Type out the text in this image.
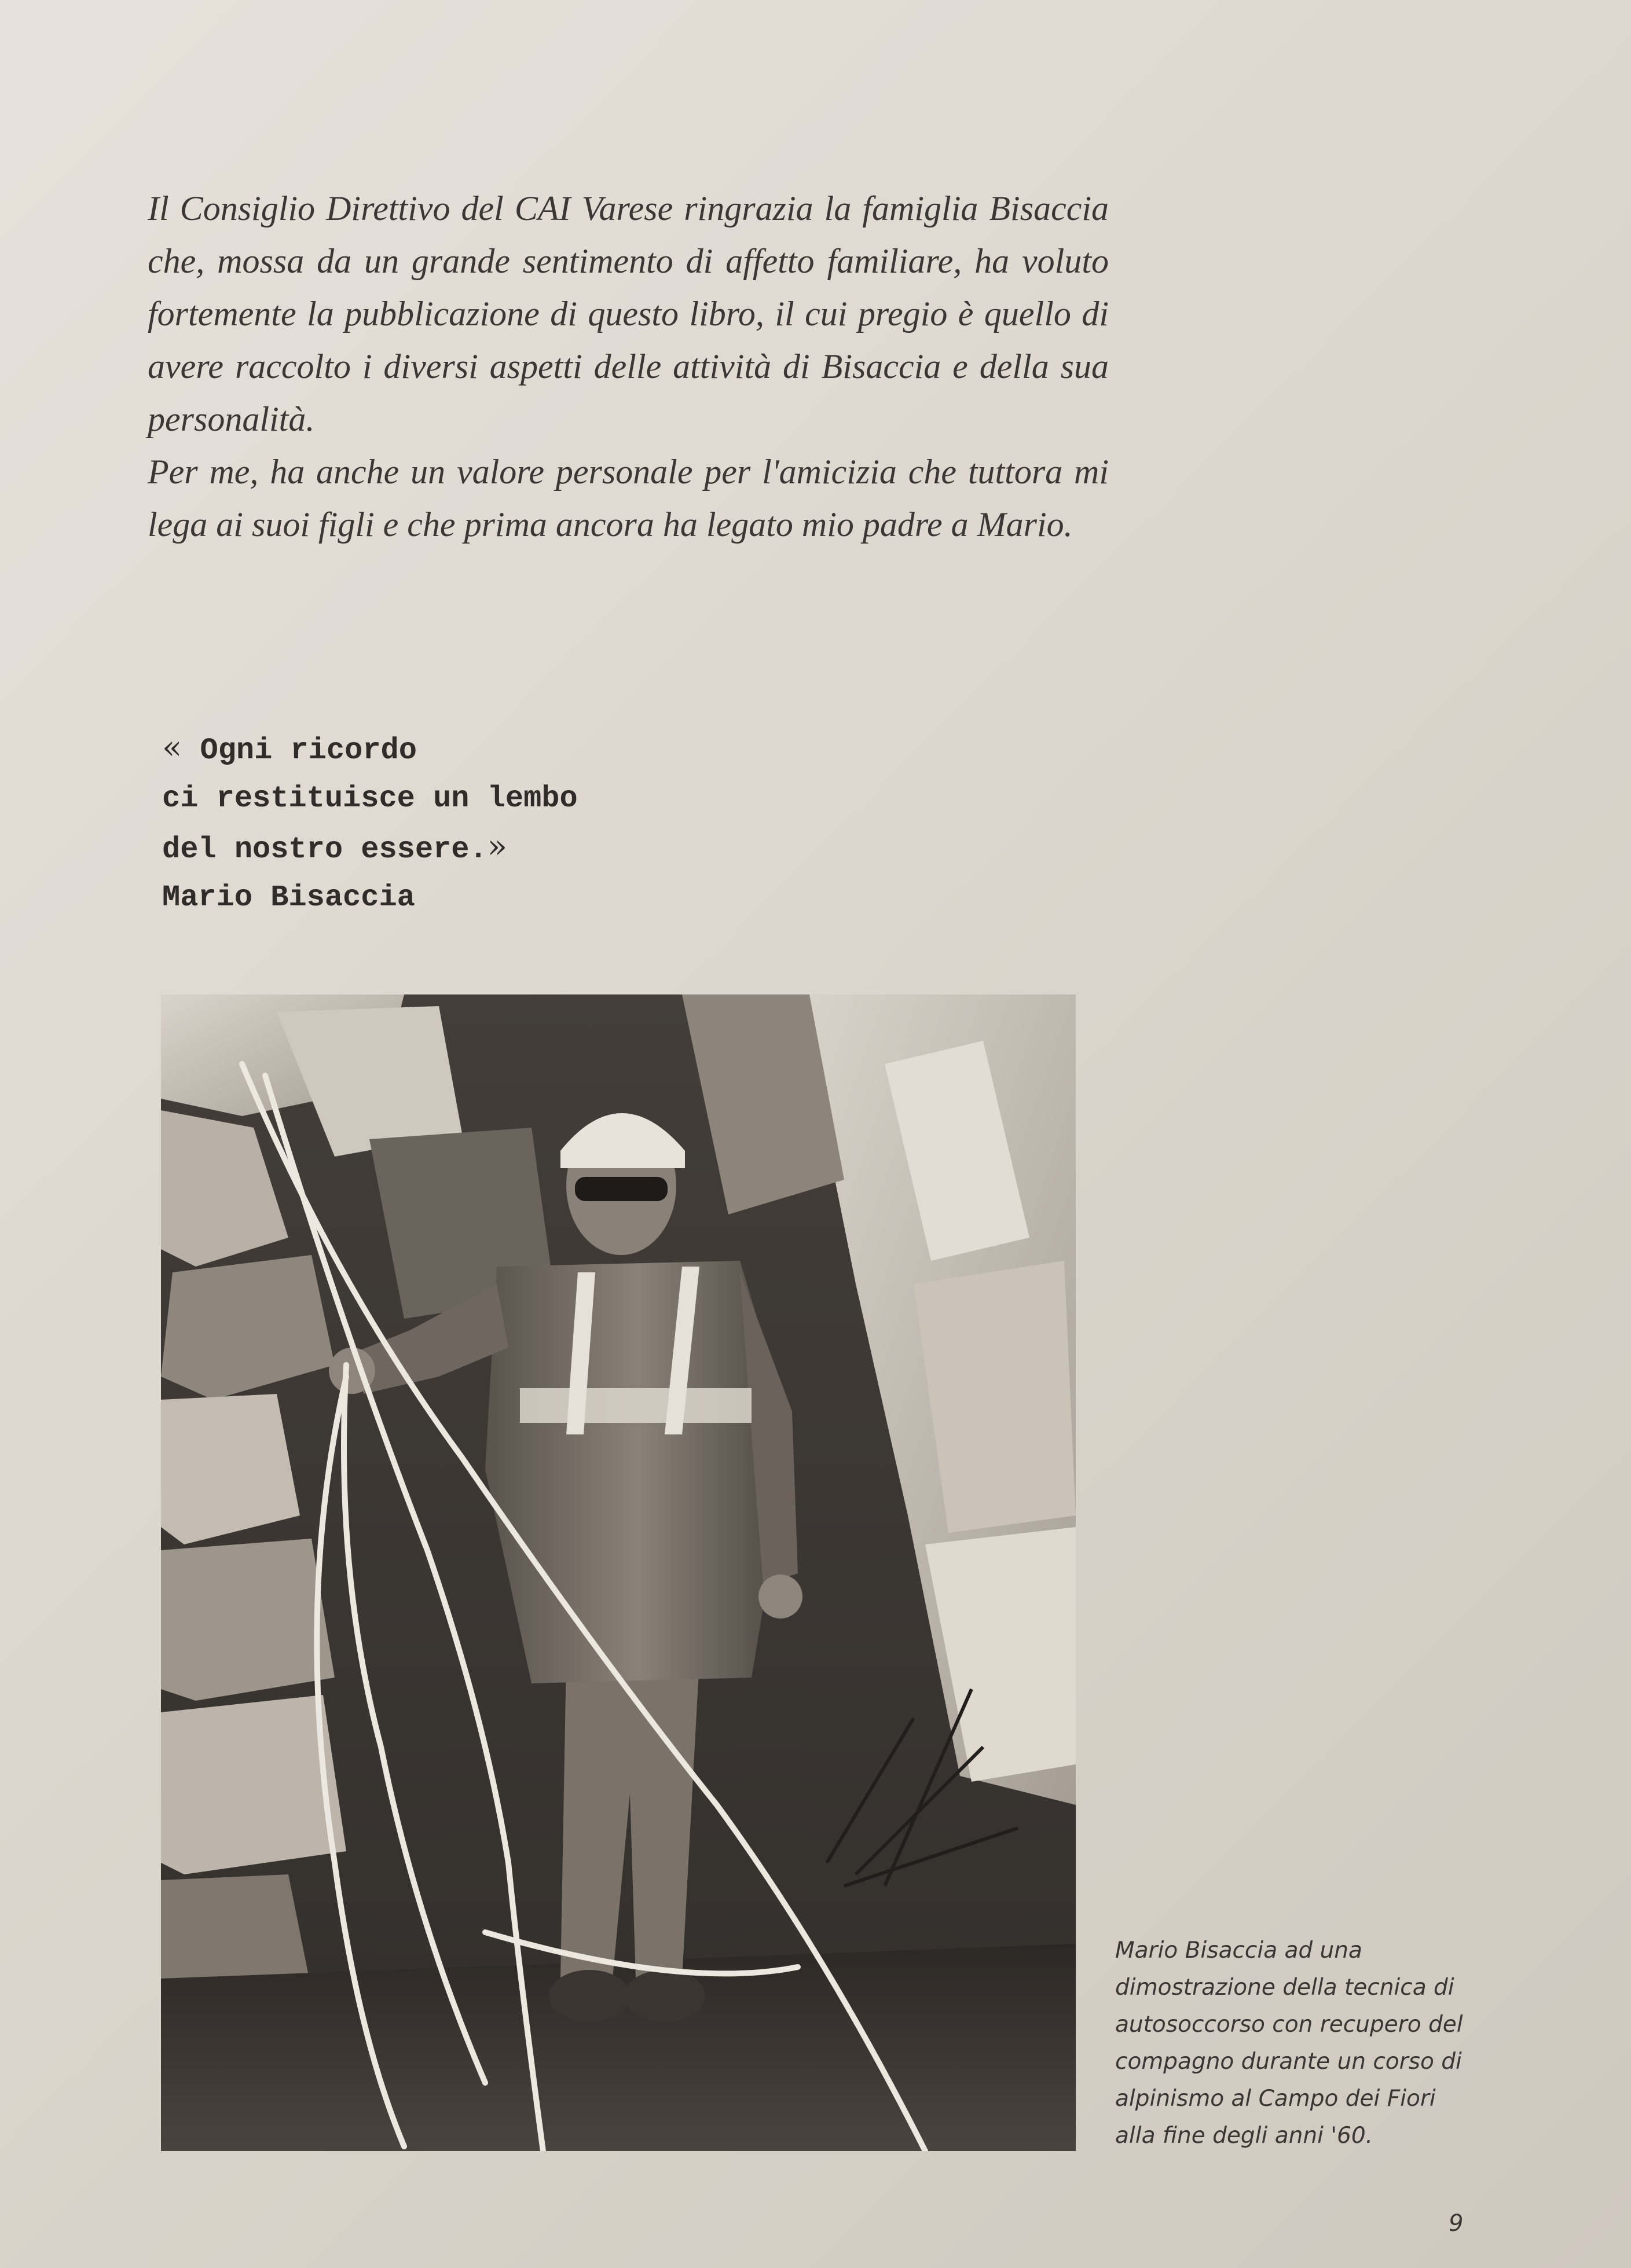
Il Consiglio Direttivo del CAI Varese ringrazia la famiglia Bisaccia che, mossa da un grande sentimento di affetto familiare, ha voluto fortemente la pubblicazione di questo libro, il cui pregio è quello di avere raccolto i diversi aspetti delle attività di Bisaccia e della sua personalità.

Per me, ha anche un valore personale per l'amicizia che tuttora mi lega ai suoi figli e che prima ancora ha legato mio padre a Mario.

« Ogni ricordo
ci restituisce un lembo
del nostro essere.»
Mario Bisaccia
Mario Bisaccia ad una dimostrazione della tecnica di autosoccorso con recupero del compagno durante un corso di alpinismo al Campo dei Fiori alla fine degli anni '60.
9
